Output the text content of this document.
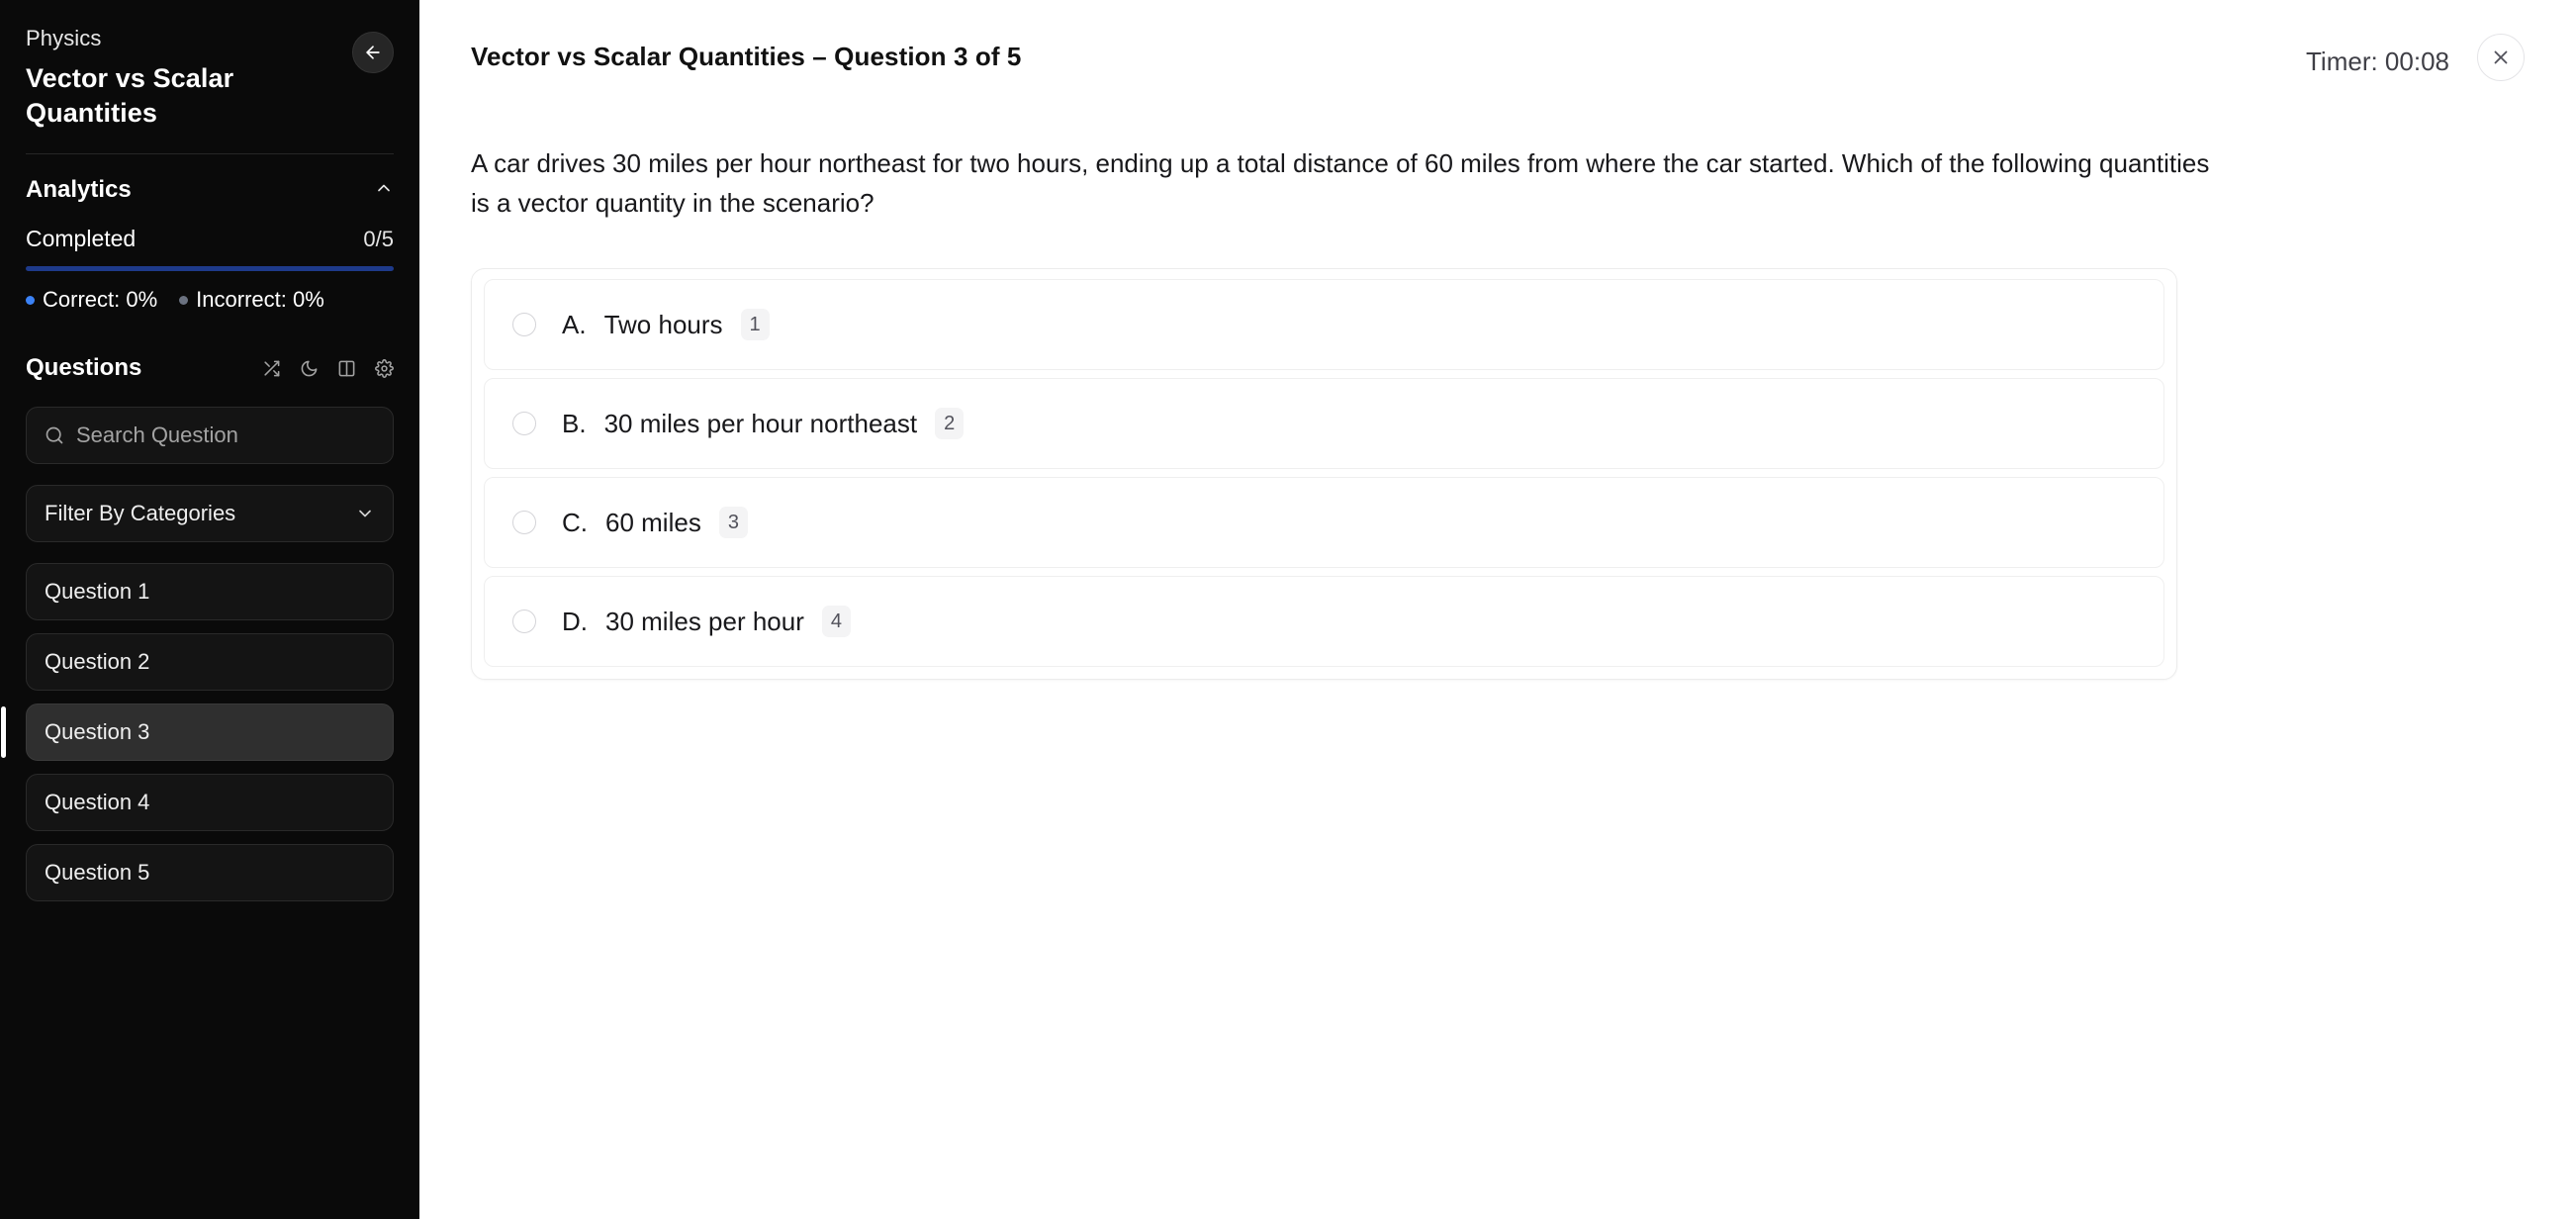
Physics
Vector vs Scalar Quantities
Analytics
Completed	0/5
Correct: 0% Incorrect: 0%
Questions
Search Question
Filter By Categories
Question 1
Question 2
Question 3
Question 4
Question 5
Vector vs Scalar Quantities – Question 3 of 5	Timer: 00:08
A car drives 30 miles per hour northeast for two hours, ending up a total distance of 60 miles from where the car started. Which of the following quantities is a vector quantity in the scenario?
A. Two hours	1
B. 30 miles per hour northeast	2
C. 60 miles	3
D. 30 miles per hour	4
